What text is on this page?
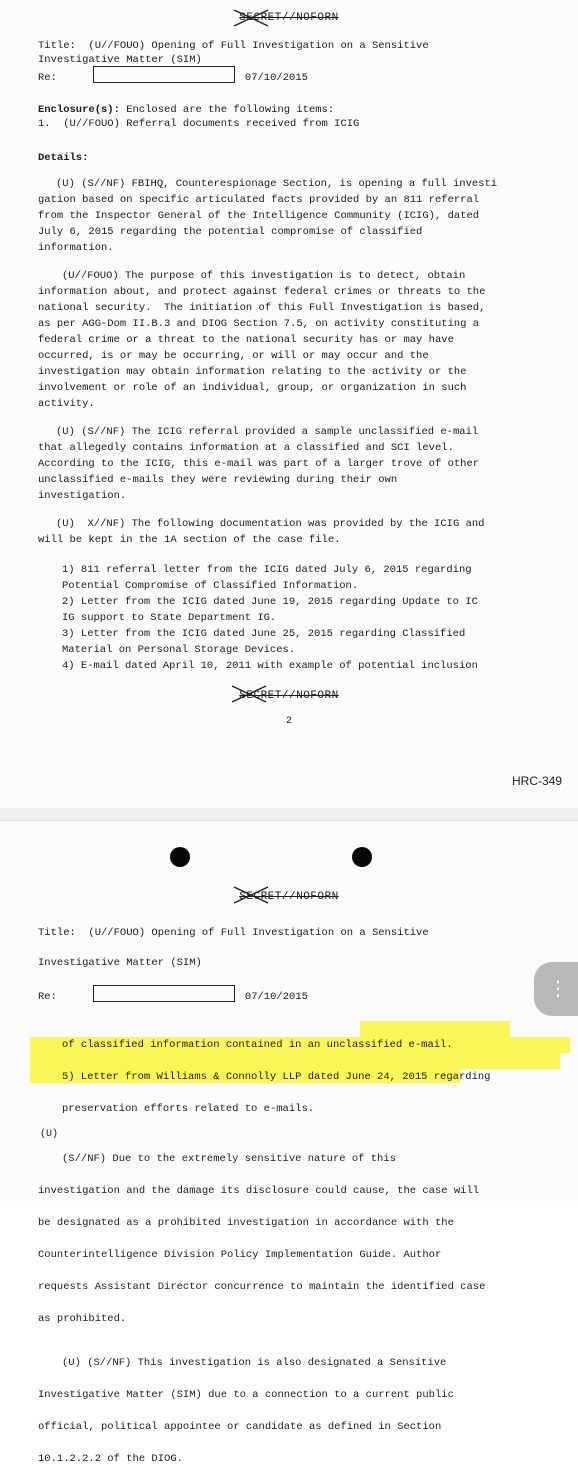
SECRET//NOFORN
Title:  (U//FOUO) Opening of Full Investigation on a Sensitive
Investigative Matter (SIM)
Re:	07/10/2015
Enclosure(s): Enclosed are the following items:
1.  (U//FOUO) Referral documents received from ICIG
Details:
(U) (S//NF) FBIHQ, Counterespionage Section, is opening a full investi
gation based on specific articulated facts provided by an 811 referral
from the Inspector General of the Intelligence Community (ICIG), dated
July 6, 2015 regarding the potential compromise of classified
information.
(U//FOUO) The purpose of this investigation is to detect, obtain
information about, and protect against federal crimes or threats to the
national security.  The initiation of this Full Investigation is based,
as per AGG-Dom II.B.3 and DIOG Section 7.5, on activity constituting a
federal crime or a threat to the national security has or may have
occurred, is or may be occurring, or will or may occur and the
investigation may obtain information relating to the activity or the
involvement or role of an individual, group, or organization in such
activity.
(U) (S//NF) The ICIG referral provided a sample unclassified e-mail
that allegedly contains information at a classified and SCI level.
According to the ICIG, this e-mail was part of a larger trove of other
unclassified e-mails they were reviewing during their own
investigation.
(U)  X//NF) The following documentation was provided by the ICIG and
will be kept in the 1A section of the case file.
1) 811 referral letter from the ICIG dated July 6, 2015 regarding
Potential Compromise of Classified Information.
2) Letter from the ICIG dated June 19, 2015 regarding Update to IC
IG support to State Department IG.
3) Letter from the ICIG dated June 25, 2015 regarding Classified
Material on Personal Storage Devices.
4) E-mail dated April 10, 2011 with example of potential inclusion
SECRET//NOFORN
2
HRC-349
SECRET//NOFORN
Title:  (U//FOUO) Opening of Full Investigation on a Sensitive
Investigative Matter (SIM)
Re:	07/10/2015
of classified information contained in an unclassified e-mail.
5) Letter from Williams & Connolly LLP dated June 24, 2015 regarding
preservation efforts related to e-mails.
(U)
(S//NF) Due to the extremely sensitive nature of this
investigation and the damage its disclosure could cause, the case will
be designated as a prohibited investigation in accordance with the
Counterintelligence Division Policy Implementation Guide. Author
requests Assistant Director concurrence to maintain the identified case
as prohibited.
(U) (S//NF) This investigation is also designated a Sensitive
Investigative Matter (SIM) due to a connection to a current public
official, political appointee or candidate as defined in Section
10.1.2.2.2 of the DIOG.
⋮
